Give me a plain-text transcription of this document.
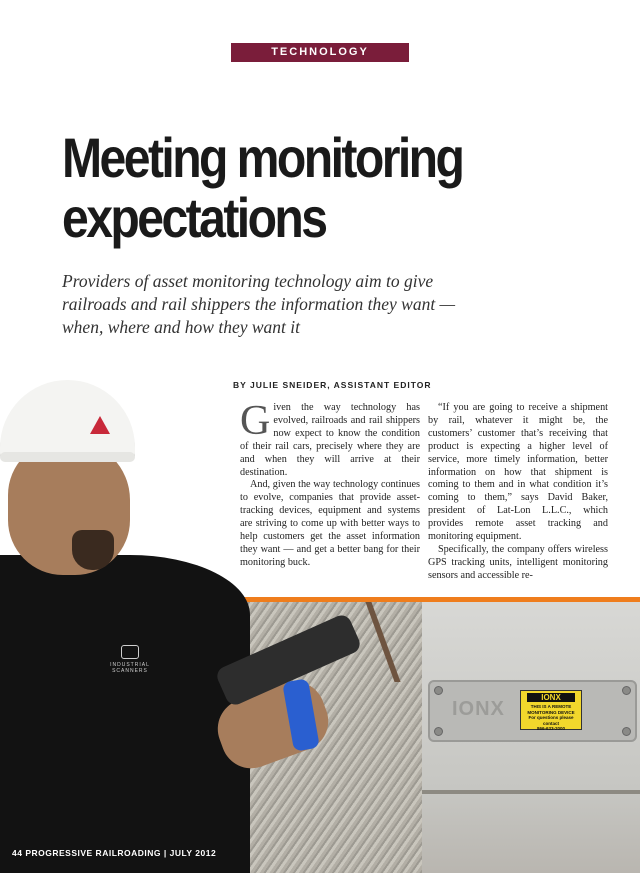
TECHNOLOGY
Meeting monitoring expectations

Providers of asset monitoring technology aim to give railroads and rail shippers the information they want — when, where and how they want it

BY JULIE SNEIDER, ASSISTANT EDITOR

Given the way technology has evolved, railroads and rail shippers now expect to know the condition of their rail cars, precisely where they are and when they will arrive at their destination.

And, given the way technology continues to evolve, companies that provide asset-tracking devices, equipment and systems are striving to come up with better ways to help customers get the asset information they want — and get a better bang for their monitoring buck.

“If you are going to receive a shipment by rail, whatever it might be, the customers’ customer that’s receiving that product is expecting a higher level of service, more timely information, better information on how that shipment is coming to them and in what condition it’s coming to them,” says David Baker, president of Lat-Lon L.L.C., which provides remote asset tracking and monitoring equipment.

Specifically, the company offers wireless GPS tracking units, intelligent monitoring sensors and accessible re-

IONX
IONX
THIS IS A REMOTE
MONITORING DEVICE
For questions please contact
866-633-2000
INDUSTRIAL SCANNERS
44 PROGRESSIVE RAILROADING | JULY 2012
